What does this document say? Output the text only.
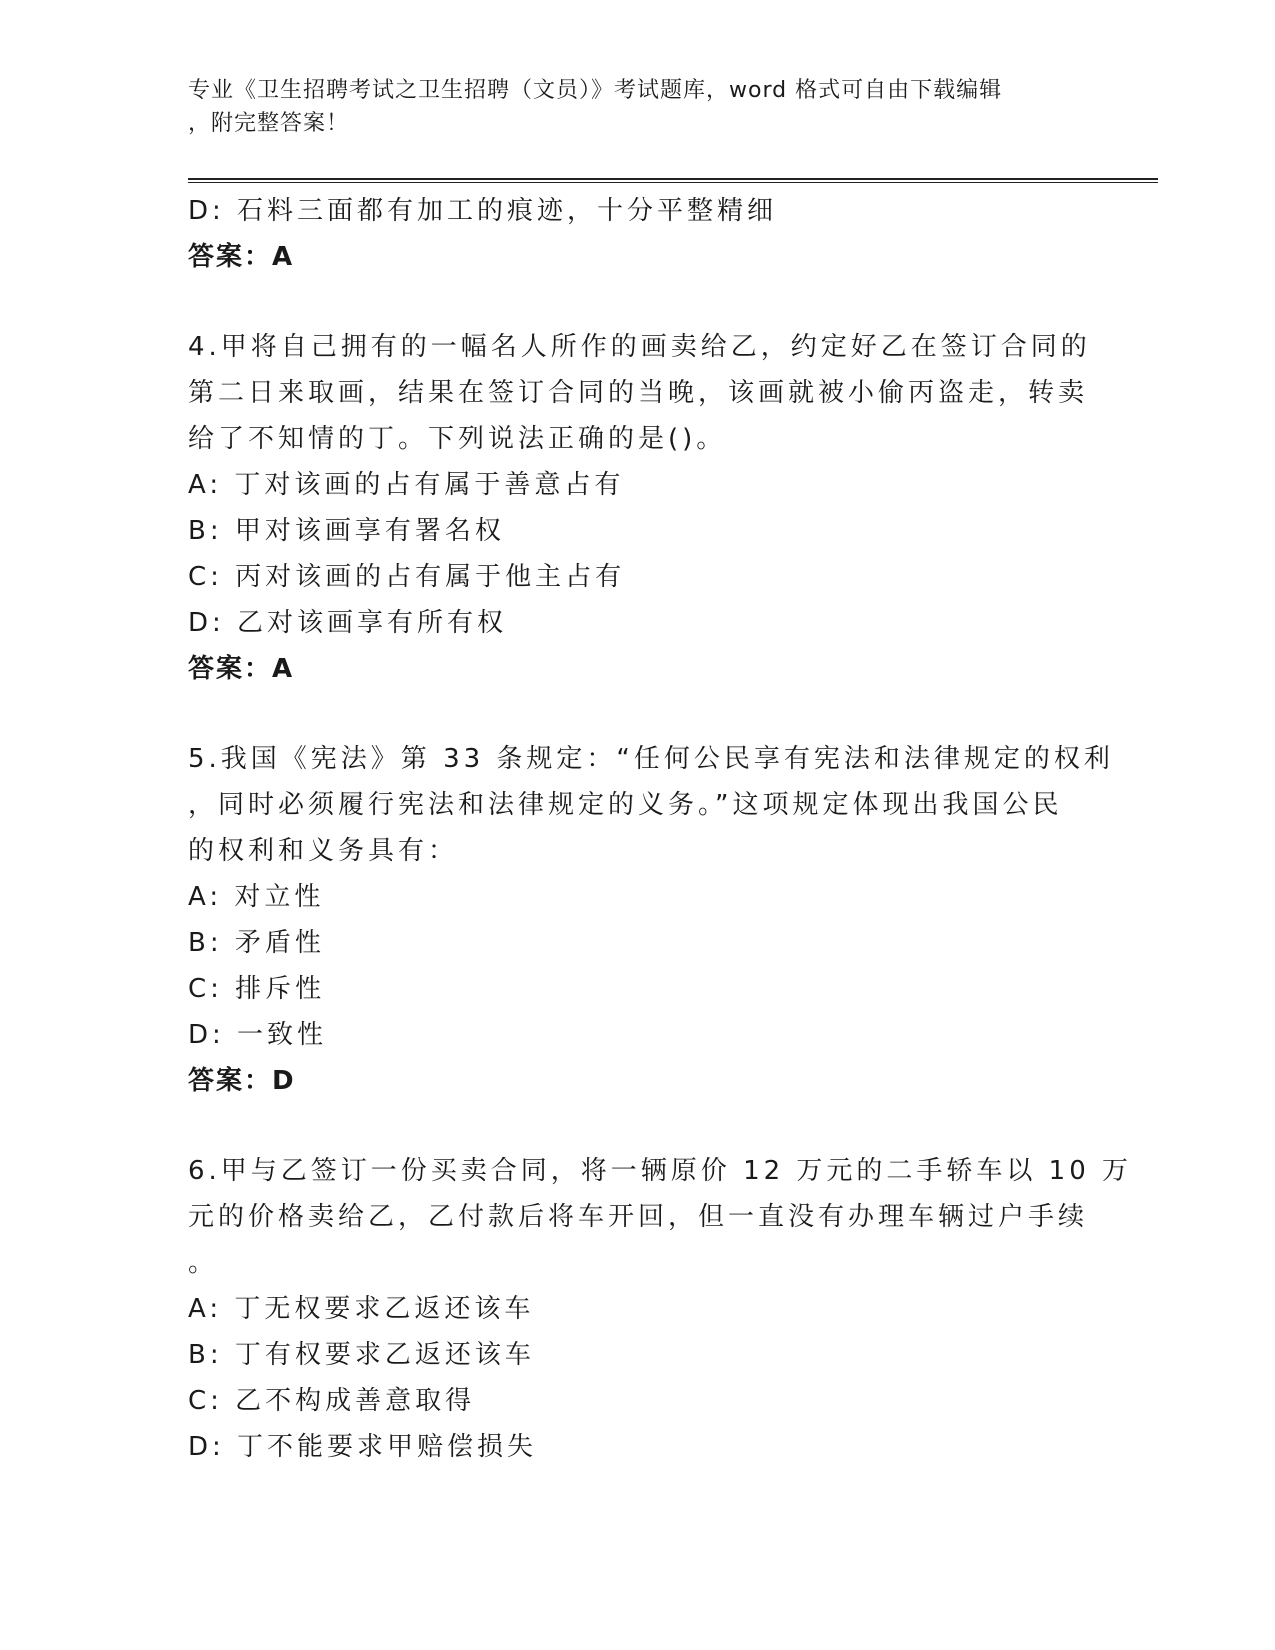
专业《卫生招聘考试之卫生招聘（文员）》考试题库，word 格式可自由下载编辑
，附完整答案！
D: 石料三面都有加工的痕迹，十分平整精细
答案：A
4.甲将自己拥有的一幅名人所作的画卖给乙，约定好乙在签订合同的
第二日来取画，结果在签订合同的当晚，该画就被小偷丙盗走，转卖
给了不知情的丁。下列说法正确的是()。
A: 丁对该画的占有属于善意占有
B: 甲对该画享有署名权
C: 丙对该画的占有属于他主占有
D: 乙对该画享有所有权
答案：A
5.我国《宪法》第 33 条规定：“任何公民享有宪法和法律规定的权利
，同时必须履行宪法和法律规定的义务。”这项规定体现出我国公民
的权利和义务具有：
A: 对立性
B: 矛盾性
C: 排斥性
D: 一致性
答案：D
6.甲与乙签订一份买卖合同，将一辆原价 12 万元的二手轿车以 10 万
元的价格卖给乙，乙付款后将车开回，但一直没有办理车辆过户手续
。
A: 丁无权要求乙返还该车
B: 丁有权要求乙返还该车
C: 乙不构成善意取得
D: 丁不能要求甲赔偿损失
